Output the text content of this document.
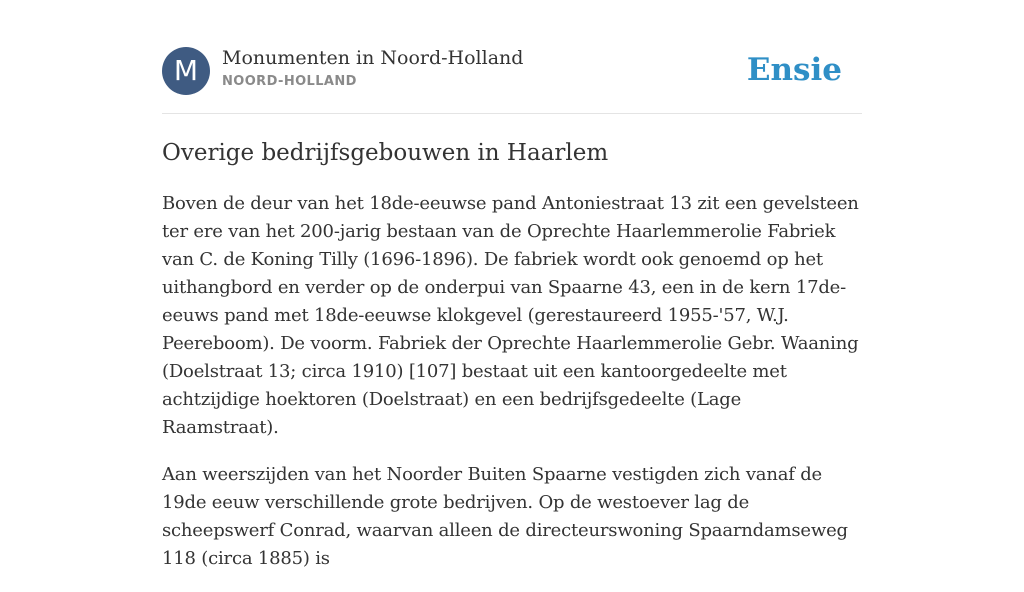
M	Monumenten in Noord-Holland
NOORD-HOLLAND	Ensie
Overige bedrijfsgebouwen in Haarlem

Boven de deur van het 18de-eeuwse pand Antoniestraat 13 zit een gevelsteen ter ere van het 200-jarig bestaan van de Oprechte Haarlemmerolie Fabriek van C. de Koning Tilly (1696-1896). De fabriek wordt ook genoemd op het uithangbord en verder op de onderpui van Spaarne 43, een in de kern 17de-eeuws pand met 18de-eeuwse klokgevel (gerestaureerd 1955-'57, W.J. Peereboom). De voorm. Fabriek der Oprechte Haarlemmerolie Gebr. Waaning (Doelstraat 13; circa 1910) [107] bestaat uit een kantoorgedeelte met achtzijdige hoektoren (Doelstraat) en een bedrijfsgedeelte (Lage Raamstraat).

Aan weerszijden van het Noorder Buiten Spaarne vestigden zich vanaf de 19de eeuw verschillende grote bedrijven. Op de westoever lag de scheepswerf Conrad, waarvan alleen de directeurswoning Spaarndamseweg 118 (circa 1885) is
